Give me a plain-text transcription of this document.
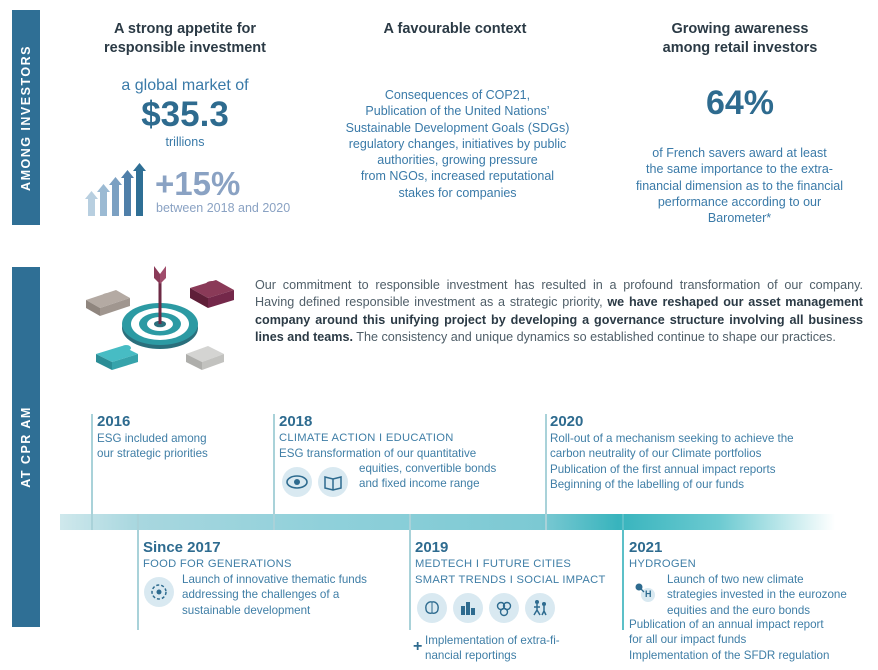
AMONG INVESTORS
AT CPR AM
A strong appetite for
responsible investment
a global market of
$35.3
trillions
+15%
between 2018 and 2020
A favourable context
Consequences of COP21,
Publication of the United Nations’
Sustainable Development Goals (SDGs)
regulatory changes, initiatives by public
authorities, growing pressure
from NGOs, increased reputational
stakes for companies
Growing awareness
among retail investors
64%
of French savers award at least
the same importance to the extra-
financial dimension as to the financial
performance according to our
Barometer*
Our commitment to responsible investment has resulted in a profound transformation of our company. Having defined responsible investment as a strategic priority, we have reshaped our asset management company around this unifying project by developing a governance structure involving all business lines and teams. The consistency and unique dynamics so established continue to shape our practices.
2016
ESG included among
our strategic priorities
2018
CLIMATE ACTION I EDUCATION
ESG transformation of our quantitative
equities, convertible bonds
and fixed income range
2020
Roll-out of a mechanism seeking to achieve the
carbon neutrality of our Climate portfolios
Publication of the first annual impact reports
Beginning of the labelling of our funds
Since 2017
FOOD FOR GENERATIONS
Launch of innovative thematic funds
addressing the challenges of a
sustainable development
2019
MEDTECH I FUTURE CITIES
SMART TRENDS I SOCIAL IMPACT
+ Implementation of extra-fi-
nancial reportings
2021
HYDROGEN
H
Launch of two new climate
strategies invested in the eurozone
equities and the euro bonds
Publication of an annual impact report
for all our impact funds
Implementation of the SFDR regulation
